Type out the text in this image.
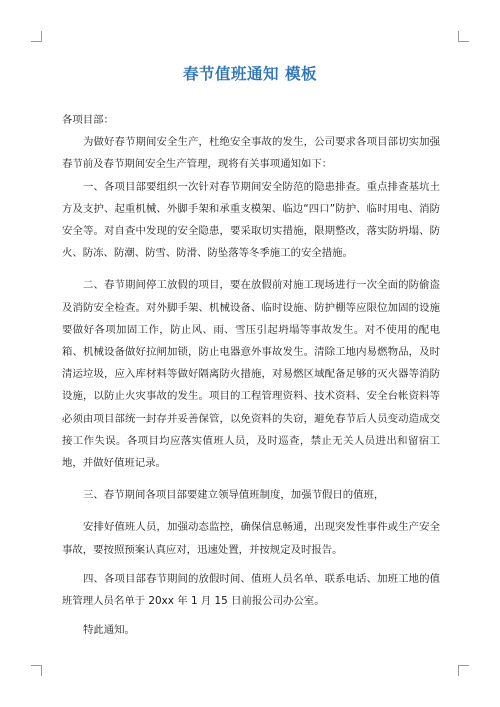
春节值班通知 模板

各项目部：

为做好春节期间安全生产，杜绝安全事故的发生，公司要求各项目部切实加强春节前及春节期间安全生产管理，现将有关事项通知如下：

一、各项目部要组织一次针对春节期间安全防范的隐患排查。重点排查基坑土方及支护、起重机械、外脚手架和承重支模架、临边“四口”防护、临时用电、消防安全等。对自查中发现的安全隐患，要采取切实措施，限期整改，落实防坍塌、防火、防冻、防潮、防雪、防滑、防坠落等冬季施工的安全措施。

二、春节期间停工放假的项目，要在放假前对施工现场进行一次全面的防偷盗及消防安全检查。对外脚手架、机械设备、临时设施、防护棚等应限位加固的设施要做好各项加固工作，防止风、雨、雪压引起坍塌等事故发生。对不使用的配电箱、机械设备做好拉闸加锁，防止电器意外事故发生。清除工地内易燃物品，及时清运垃圾，应入库材料等做好隔离防火措施，对易燃区域配备足够的灭火器等消防设施，以防止火灾事故的发生。项目的工程管理资料、技术资料、安全台帐资料等必须由项目部统一封存并妥善保管，以免资料的失窃，避免春节后人员变动造成交接工作失误。各项目均应落实值班人员，及时巡查，禁止无关人员进出和留宿工地，并做好值班记录。

三、春节期间各项目部要建立领导值班制度，加强节假日的值班，

安排好值班人员，加强动态监控，确保信息畅通，出现突发性事件或生产安全事故，要按照预案认真应对，迅速处置，并按规定及时报告。

四、各项目部春节期间的放假时间、值班人员名单、联系电话、加班工地的值班管理人员名单于 20xx 年 1 月 15 日前报公司办公室。

特此通知。
